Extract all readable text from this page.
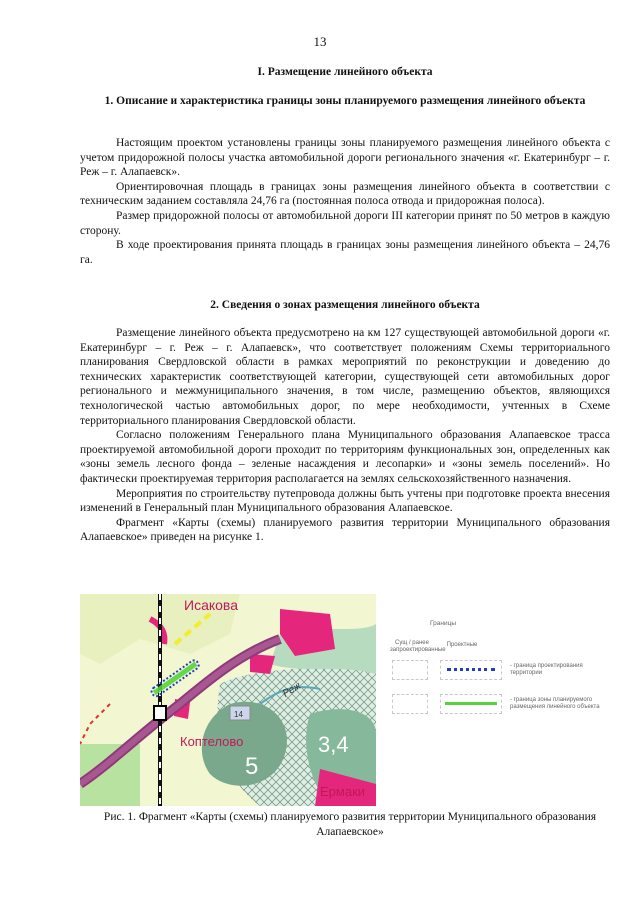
13
I. Размещение линейного объекта
1. Описание и характеристика границы зоны планируемого размещения линейного объекта

Настоящим проектом установлены границы зоны планируемого размещения линейного объекта с учетом придорожной полосы участка автомобильной дороги регионального значения «г. Екатеринбург – г. Реж – г. Алапаевск».

Ориентировочная площадь в границах зоны размещения линейного объекта в соответствии с техническим заданием составляла 24,76 га (постоянная полоса отвода и придорожная полоса).

Размер придорожной полосы от автомобильной дороги III категории принят по 50 метров в каждую сторону.

В ходе проектирования принята площадь в границах зоны размещения линейного объекта – 24,76 га.

2. Сведения о зонах размещения линейного объекта

Размещение линейного объекта предусмотрено на км 127 существующей автомобильной дороги «г. Екатеринбург – г. Реж – г. Алапаевск», что соответствует положениям Схемы территориального планирования Свердловской области в рамках мероприятий по реконструкции и доведению до технических характеристик соответствующей категории, существующей сети автомобильных дорог регионального и межмуниципального значения, в том числе, размещению объектов, являющихся технологической частью автомобильных дорог, по мере необходимости, учтенных в Схеме территориального планирования Свердловской области.

Согласно положениям Генерального плана Муниципального образования Алапаевское трасса проектируемой автомобильной дороги проходит по территориям функциональных зон, определенных как «зоны земель лесного фонда – зеленые насаждения и лесопарки» и «зоны земель поселений». Но фактически проектируемая территория располагается на землях сельскохозяйственного назначения.

Мероприятия по строительству путепровода должны быть учтены при подготовке проекта внесения изменений в Генеральный план Муниципального образования Алапаевское.

Фрагмент «Карты (схемы) планируемого развития территории Муниципального образования Алапаевское» приведен на рисунке 1.

Исакова
Коптелово
Ермаки
Реж
3,4
5
14
Границы
Сущ / ранее запроектированные
Проектные
- граница проектирования территории
- граница зоны планируемого размещения линейного объекта
Рис. 1. Фрагмент «Карты (схемы) планируемого развития территории Муниципального образования Алапаевское»
